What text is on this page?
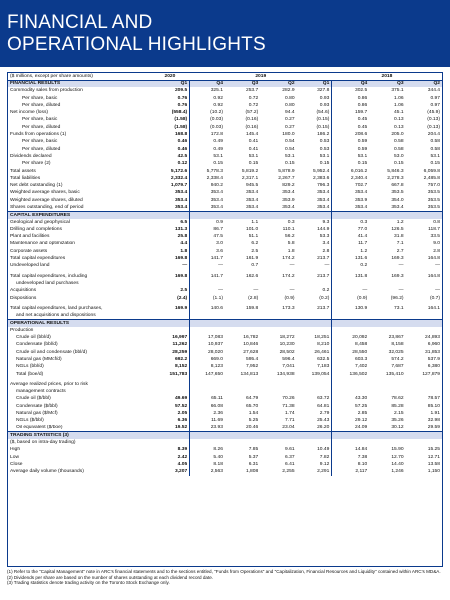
FINANCIAL AND
OPERATIONAL HIGHLIGHTS
($ millions, except per share amounts)	2020	2019				2018		
FINANCIAL RESULTS	Q1	Q4	Q3	Q2	Q1	Q4	Q3	Q2
Commodity sales from production	209.5	325.1	253.7	282.9	327.8	302.5	375.1	344.4
Per share, basic	0.76	0.92	0.72	0.80	0.93	0.86	1.06	0.97
Per share, diluted	0.76	0.92	0.72	0.80	0.93	0.86	1.06	0.97
Net income (loss)	(558.4)	(10.2)	(57.2)	94.4	(54.6)	159.7	45.1	(45.9)
Per share, basic	(1.58)	(0.03)	(0.16)	0.27	(0.15)	0.45	0.13	(0.13)
Per share, diluted	(1.58)	(0.03)	(0.16)	0.27	(0.15)	0.45	0.13	(0.13)
Funds from operations (1)	168.8	172.8	145.4	180.0	186.2	208.6	205.0	204.4
Per share, basic	0.46	0.49	0.41	0.54	0.53	0.59	0.58	0.58
Per share, diluted	0.46	0.49	0.41	0.54	0.53	0.59	0.58	0.58
Dividends declared	42.5	53.1	53.1	53.1	53.1	53.1	53.0	53.1
Per share (2)	0.12	0.15	0.15	0.15	0.15	0.15	0.15	0.15
Total assets	5,172.6	5,778.3	5,819.2	5,878.9	5,952.4	6,016.2	5,846.3	6,059.8
Total liabilities	2,332.4	2,338.4	2,317.1	2,267.7	2,383.6	2,340.4	2,278.3	2,485.8
Net debt outstanding (1)	1,079.7	940.2	945.5	829.2	796.3	702.7	667.8	757.0
Weighted average shares, basic	353.4	353.4	353.4	353.4	353.4	353.4	353.5	353.5
Weighted average shares, diluted	353.4	353.4	353.4	353.9	353.4	353.9	354.0	353.5
Shares outstanding, end of period	353.4	353.4	353.4	353.4	353.4	353.4	353.4	353.5
CAPITAL EXPENDITURES								
Geological and geophysical	6.5	0.9	1.1	0.3	9.3	0.3	1.2	0.8
Drilling and completions	131.3	86.7	101.0	110.1	144.9	77.0	126.5	118.7
Plant and facilities	25.8	47.5	51.1	56.2	53.3	41.4	31.8	33.5
Maintenance and optimization	4.4	3.0	6.2	5.8	3.4	11.7	7.1	9.0
Corporate assets	1.8	3.6	2.5	1.8	2.8	1.2	2.7	2.8
Total capital expenditures	169.8	141.7	161.9	174.2	213.7	131.6	169.3	164.8
Undeveloped land	—	—	0.7	—	—	0.2	—	—

Total capital expenditures, including	169.8	141.7	162.6	174.2	213.7	131.8	169.3	164.8
undeveloped land purchases								
Acquisitions	2.5	—	—	—	0.2	—	—	—
Dispositions	(2.4)	(1.1)	(2.8)	(0.9)	(0.2)	(0.9)	(96.2)	(0.7)

Total capital expenditures, land purchases,	169.9	140.6	159.8	173.3	213.7	130.9	73.1	164.1
and net acquisitions and dispositions								
OPERATIONAL RESULTS								
Production								
Crude oil (bbl/d)	16,997	17,083	16,782	18,272	18,251	20,092	23,867	24,893
Condensate (bbl/d)	11,262	10,937	10,846	10,230	8,210	8,458	8,158	6,960
Crude oil and condensate (bbl/d)	28,259	28,020	27,628	28,502	26,461	28,550	32,025	31,853
Natural gas (MMcf/d)	692.2	669.0	595.4	596.4	632.5	603.3	574.2	537.9
NGLs (bbl/d)	8,152	8,123	7,952	7,041	7,183	7,402	7,687	6,380
Total (boe/d)	151,783	147,650	134,813	134,938	139,054	136,502	135,410	127,879

Average realized prices, prior to risk								
management contracts								
Crude oil ($/bbl)	49.69	65.11	64.79	70.26	63.72	43.30	78.62	78.57
Condensate ($/bbl)	57.52	66.08	65.70	71.38	64.81	57.25	85.28	85.10
Natural gas ($/Mcf)	2.05	2.36	1.54	1.74	2.79	2.85	2.15	1.91
NGLs ($/bbl)	6.36	11.69	5.25	7.71	25.43	29.12	35.26	32.98
Oil equivalent ($/boe)	19.52	23.93	20.46	23.04	26.20	24.09	30.12	29.59
TRADING STATISTICS (3)								
($, based on intra-day trading)								
High	8.39	8.26	7.85	9.61	10.49	14.84	15.90	15.25
Low	2.42	5.40	5.37	6.37	7.82	7.38	12.70	12.71
Close	4.05	8.18	6.31	6.41	9.12	8.10	14.40	13.58
Average daily volume (thousands)	3,207	2,563	1,808	2,255	2,291	2,117	1,246	1,150

(1) Refer to the "Capital Management" note in ARC's financial statements and to the sections entitled, "Funds from Operations" and "Capitalization, Financial Resources and Liquidity" contained within ARC's MD&A.

(2) Dividends per share are based on the number of shares outstanding at each dividend record date.

(3) Trading statistics denote trading activity on the Toronto Stock Exchange only.
